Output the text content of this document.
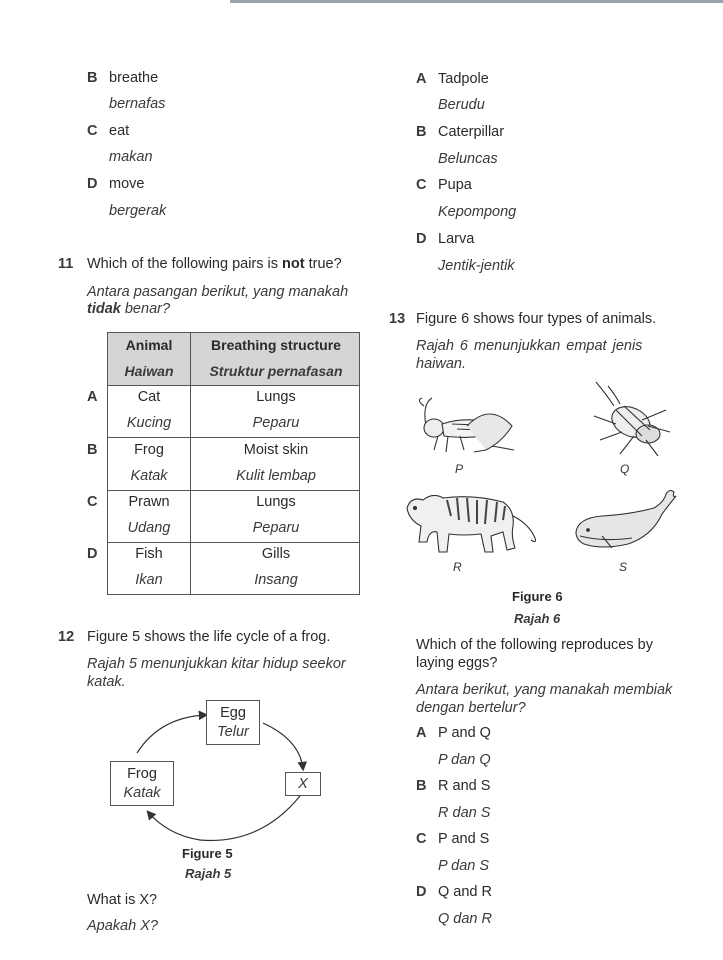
B breathe
bernafas
C eat
makan
D move
bergerak
11 Which of the following pairs is not true?
Antara pasangan berikut, yang manakah
tidak benar?
Animal
Haiwan
Breathing structure
Struktur pernafasan
Cat
Kucing
Lungs
Peparu
Frog
Katak
Moist skin
Kulit lembap
Prawn
Udang
Lungs
Peparu
Fish
Ikan
Gills
Insang
A
B
C
D
12 Figure 5 shows the life cycle of a frog.
Rajah 5 menunjukkan kitar hidup seekor
katak.
Egg
Telur
X
Frog
Katak
Figure 5
Rajah 5
What is X?
Apakah X?
A Tadpole
Berudu
B Caterpillar
Beluncas
C Pupa
Kepompong
D Larva
Jentik-jentik
13 Figure 6 shows four types of animals.
Rajah 6 menunjukkan empat jenis
haiwan.
P	Q
R	S
Figure 6
Rajah 6
Which of the following reproduces by
laying eggs?
Antara berikut, yang manakah membiak
dengan bertelur?
A P and Q
P dan Q
B R and S
R dan S
C P and S
P dan S
D Q and R
Q dan R
